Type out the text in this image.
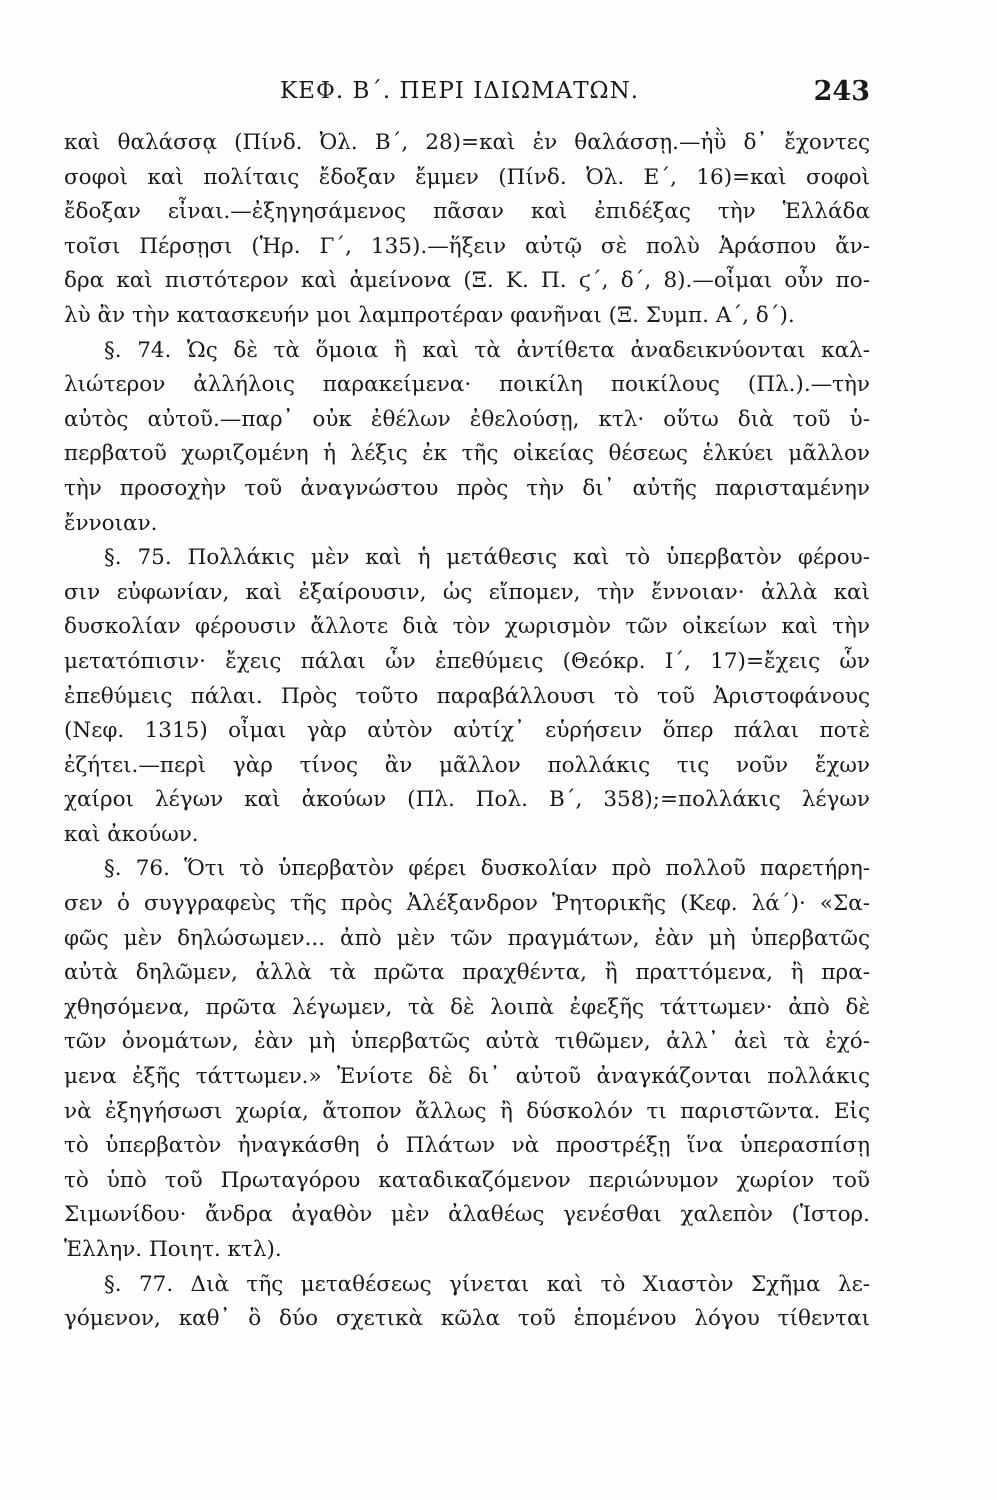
ΚΕΦ. Β΄. ΠΕΡΙ ΙΔΙΩΜΑΤΩΝ.	243
καὶ θαλάσσᾳ (Πίνδ. Ὀλ. Β΄, 28)=καὶ ἐν θαλάσσῃ.—ἠῢ δ᾽ ἔχοντες
σοφοὶ καὶ πολίταις ἔδοξαν ἔμμεν (Πίνδ. Ὀλ. Ε΄, 16)=καὶ σοφοὶ
ἔδοξαν εἶναι.—ἐξηγησάμενος πᾶσαν καὶ ἐπιδέξας τὴν Ἑλλάδα
τοῖσι Πέρσῃσι (Ἡρ. Γ΄, 135).—ἥξειν αὐτῷ σὲ πολὺ Ἀράσπου ἄν-
δρα καὶ πιστότερον καὶ ἀμείνονα (Ξ. Κ. Π. ϛ΄, δ΄, 8).—οἶμαι οὖν πο-
λὺ ἂν τὴν κατασκευήν μοι λαμπροτέραν φανῆναι (Ξ. Συμπ. Α΄, δ΄).
§. 74. Ὡς δὲ τὰ ὅμοια ἢ καὶ τὰ ἀντίθετα ἀναδεικνύονται καλ-
λιώτερον ἀλλήλοις παρακείμενα· ποικίλη ποικίλους (Πλ.).—τὴν
αὐτὸς αὐτοῦ.—παρ᾽ οὐκ ἐθέλων ἐθελούσῃ, κτλ· οὕτω διὰ τοῦ ὑ-
περβατοῦ χωριζομένη ἡ λέξις ἐκ τῆς οἰκείας θέσεως ἑλκύει μᾶλλον
τὴν προσοχὴν τοῦ ἀναγνώστου πρὸς τὴν δι᾽ αὐτῆς παρισταμένην
ἔννοιαν.
§. 75. Πολλάκις μὲν καὶ ἡ μετάθεσις καὶ τὸ ὑπερβατὸν φέρου-
σιν εὐφωνίαν, καὶ ἐξαίρουσιν, ὡς εἴπομεν, τὴν ἔννοιαν· ἀλλὰ καὶ
δυσκολίαν φέρουσιν ἄλλοτε διὰ τὸν χωρισμὸν τῶν οἰκείων καὶ τὴν
μετατόπισιν· ἔχεις πάλαι ὧν ἐπεθύμεις (Θεόκρ. Ι΄, 17)=ἔχεις ὧν
ἐπεθύμεις πάλαι. Πρὸς τοῦτο παραβάλλουσι τὸ τοῦ Ἀριστοφάνους
(Νεφ. 1315) οἶμαι γὰρ αὐτὸν αὐτίχ᾽ εὑρήσειν ὅπερ πάλαι ποτὲ
ἐζήτει.—περὶ γὰρ τίνος ἂν μᾶλλον πολλάκις τις νοῦν ἔχων
χαίροι λέγων καὶ ἀκούων (Πλ. Πολ. Β΄, 358);=πολλάκις λέγων
καὶ ἀκούων.
§. 76. Ὅτι τὸ ὑπερβατὸν φέρει δυσκολίαν πρὸ πολλοῦ παρετήρη-
σεν ὁ συγγραφεὺς τῆς πρὸς Ἀλέξανδρον Ῥητορικῆς (Κεφ. λά΄)· «Σα-
φῶς μὲν δηλώσωμεν... ἀπὸ μὲν τῶν πραγμάτων, ἐὰν μὴ ὑπερβατῶς
αὐτὰ δηλῶμεν, ἀλλὰ τὰ πρῶτα πραχθέντα, ἢ πραττόμενα, ἢ πρα-
χθησόμενα, πρῶτα λέγωμεν, τὰ δὲ λοιπὰ ἐφεξῆς τάττωμεν· ἀπὸ δὲ
τῶν ὀνομάτων, ἐὰν μὴ ὑπερβατῶς αὐτὰ τιθῶμεν, ἀλλ᾽ ἀεὶ τὰ ἐχό-
μενα ἐξῆς τάττωμεν.» Ἐνίοτε δὲ δι᾽ αὐτοῦ ἀναγκάζονται πολλάκις
νὰ ἐξηγήσωσι χωρία, ἄτοπον ἄλλως ἢ δύσκολόν τι παριστῶντα. Εἰς
τὸ ὑπερβατὸν ἠναγκάσθη ὁ Πλάτων νὰ προστρέξῃ ἵνα ὑπερασπίσῃ
τὸ ὑπὸ τοῦ Πρωταγόρου καταδικαζόμενον περιώνυμον χωρίον τοῦ
Σιμωνίδου· ἄνδρα ἀγαθὸν μὲν ἀλαθέως γενέσθαι χαλεπὸν (Ἱστορ.
Ἑλλην. Ποιητ. κτλ).
§. 77. Διὰ τῆς μεταθέσεως γίνεται καὶ τὸ Χιαστὸν Σχῆμα λε-
γόμενον, καθ᾽ ὃ δύο σχετικὰ κῶλα τοῦ ἑπομένου λόγου τίθενται
